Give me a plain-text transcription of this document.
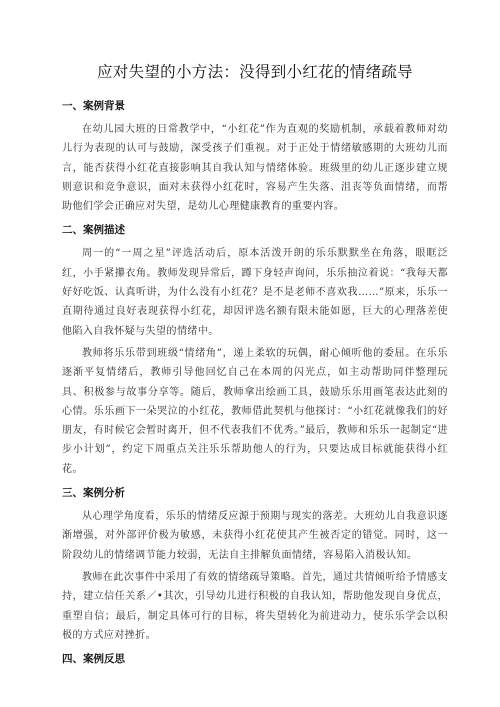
应对失望的小方法：没得到小红花的情绪疏导
一、案例背景

在幼儿园大班的日常教学中，“小红花”作为直观的奖励机制，承载着教师对幼儿行为表现的认可与鼓励，深受孩子们重视。对于正处于情绪敏感期的大班幼儿而言，能否获得小红花直接影响其自我认知与情绪体验。班级里的幼儿正逐步建立规则意识和竞争意识，面对未获得小红花时，容易产生失落、沮丧等负面情绪，而帮助他们学会正确应对失望，是幼儿心理健康教育的重要内容。

二、案例描述

周一的“一周之星”评选活动后，原本活泼开朗的乐乐默默坐在角落，眼眶泛红，小手紧攥衣角。教师发现异常后，蹲下身轻声询问，乐乐抽泣着说：“我每天都好好吃饭、认真听讲，为什么没有小红花？是不是老师不喜欢我……”原来，乐乐一直期待通过良好表现获得小红花，却因评选名额有限未能如愿，巨大的心理落差使他陷入自我怀疑与失望的情绪中。

教师将乐乐带到班级“情绪角”，递上柔软的玩偶，耐心倾听他的委屈。在乐乐逐渐平复情绪后，教师引导他回忆自己在本周的闪光点，如主动帮助同伴整理玩具、积极参与故事分享等。随后，教师拿出绘画工具，鼓励乐乐用画笔表达此刻的心情。乐乐画下一朵哭泣的小红花，教师借此契机与他探讨：“小红花就像我们的好朋友，有时候它会暂时离开，但不代表我们不优秀。”最后，教师和乐乐一起制定“进步小计划”，约定下周重点关注乐乐帮助他人的行为，只要达成目标就能获得小红花。

三、案例分析

从心理学角度看，乐乐的情绪反应源于预期与现实的落差。大班幼儿自我意识逐渐增强，对外部评价极为敏感，未获得小红花使其产生被否定的错觉。同时，这一阶段幼儿的情绪调节能力较弱，无法自主排解负面情绪，容易陷入消极认知。

教师在此次事件中采用了有效的情绪疏导策略。首先，通过共情倾听给予情感支持，建立信任关系／•其次，引导幼儿进行积极的自我认知，帮助他发现自身优点，重塑自信；最后，制定具体可行的目标，将失望转化为前进动力，使乐乐学会以积极的方式应对挫折。

四、案例反思
